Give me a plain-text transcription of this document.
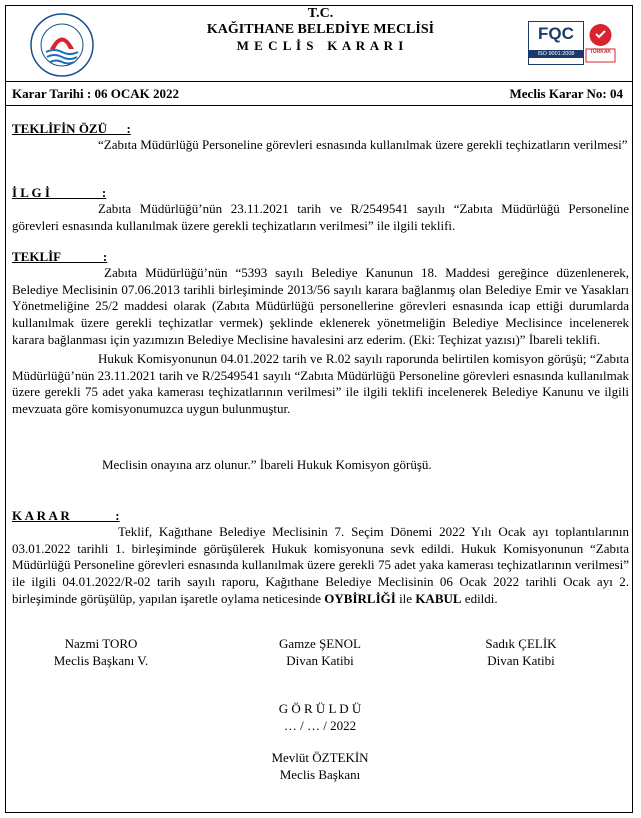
T.C.
KAĞITHANE BELEDİYE MECLİSİ
M E C L İ S   K A R A R I
FQC
ISO 9001:2008	TÜRKAK
Karar Tarihi : 06 OCAK 2022	Meclis Karar No: 04
TEKLİFİN ÖZÜ      :

“Zabıta Müdürlüğü Personeline görevleri esnasında kullanılmak üzere gerekli teçhizatların verilmesi”

İ L G İ                :

Zabıta Müdürlüğü’nün 23.11.2021 tarih ve R/2549541 sayılı “Zabıta Müdürlüğü Personeline görevleri esnasında kullanılmak üzere gerekli teçhizatların verilmesi” ile ilgili teklifi.

TEKLİF             :

Zabıta Müdürlüğü’nün “5393 sayılı Belediye Kanunun 18. Maddesi gereğince düzenlenerek, Belediye Meclisinin 07.06.2013 tarihli birleşiminde 2013/56 sayılı karara bağlanmış olan Belediye Emir ve Yasakları Yönetmeliğine 25/2 maddesi olarak (Zabıta Müdürlüğü personellerine görevleri esnasında icap ettiği durumlarda kullanılmak üzere gerekli teçhizatlar vermek) şeklinde eklenerek yönetmeliğin Belediye Meclisince incelenerek karara bağlanması için yazımızın Belediye Meclisine havalesini arz ederim. (Eki: Teçhizat yazısı)” İbareli teklifi.

Hukuk Komisyonunun 04.01.2022 tarih ve R.02 sayılı raporunda belirtilen komisyon görüşü; “Zabıta Müdürlüğü’nün 23.11.2021 tarih ve R/2549541 sayılı “Zabıta Müdürlüğü Personeline görevleri esnasında kullanılmak üzere gerekli 75 adet yaka kamerası teçhizatlarının verilmesi” ile ilgili teklifi incelenerek Belediye Kanunu ve ilgili mevzuata göre komisyonumuzca uygun bulunmuştur.

Meclisin onayına arz olunur.” İbareli Hukuk Komisyon görüşü.

K A R A R              :

Teklif, Kağıthane Belediye Meclisinin 7. Seçim Dönemi 2022 Yılı Ocak ayı toplantılarının 03.01.2022 tarihli 1. birleşiminde görüşülerek Hukuk komisyonuna sevk edildi. Hukuk Komisyonunun “Zabıta Müdürlüğü Personeline görevleri esnasında kullanılmak üzere gerekli 75 adet yaka kamerası teçhizatlarının verilmesi” ile ilgili 04.01.2022/R-02 tarih sayılı raporu, Kağıthane Belediye Meclisinin 06 Ocak 2022 tarihli Ocak ayı 2. birleşiminde görüşülüp, yapılan işaretle oylama neticesinde OYBİRLİĞİ ile KABUL edildi.

Nazmi TORO
Meclis Başkanı V.
Gamze ŞENOL
Divan Katibi
Sadık ÇELİK
Divan Katibi
G Ö R Ü L D Ü
… / … / 2022
Mevlüt ÖZTEKİN
Meclis Başkanı
